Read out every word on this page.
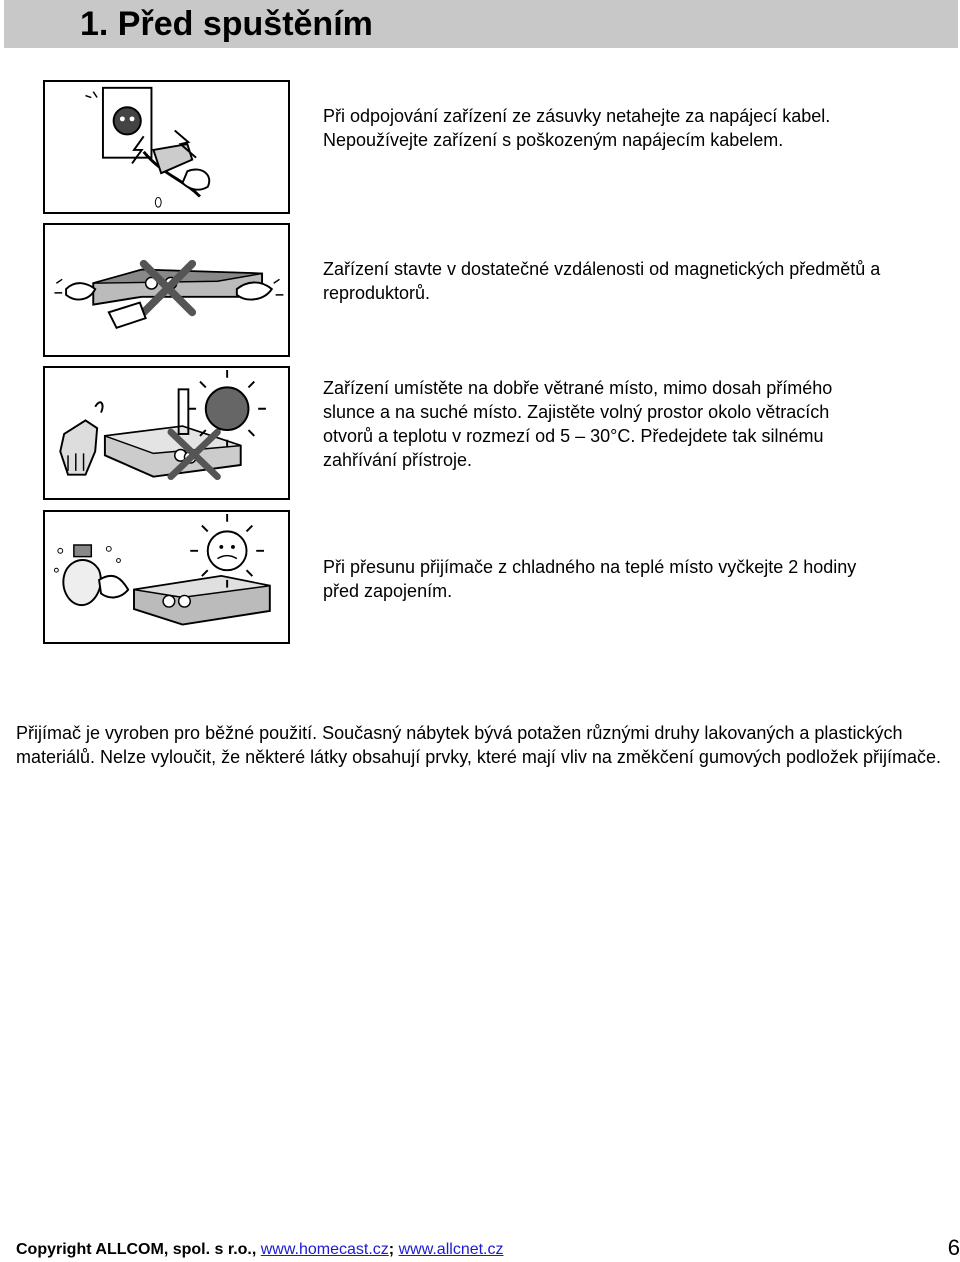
1. Před spuštěním

Při odpojování zařízení ze zásuvky netahejte za napájecí kabel. Nepoužívejte zařízení s poškozeným napájecím kabelem.

Zařízení stavte v dostatečné vzdálenosti od magnetických předmětů a reproduktorů.

Zařízení umístěte na dobře větrané místo, mimo dosah přímého slunce a na suché místo. Zajistěte volný prostor okolo větracích otvorů a teplotu v rozmezí od 5 – 30°C. Předejdete tak silnému zahřívání přístroje.

Při přesunu přijímače z chladného na teplé místo vyčkejte 2 hodiny před zapojením.

Přijímač je vyroben pro běžné použití. Současný nábytek bývá potažen různými druhy lakovaných a plastických materiálů. Nelze vyloučit, že některé látky obsahují prvky, které mají vliv na změkčení gumových podložek přijímače.

Copyright ALLCOM, spol. s r.o., www.homecast.cz; www.allcnet.cz	6
